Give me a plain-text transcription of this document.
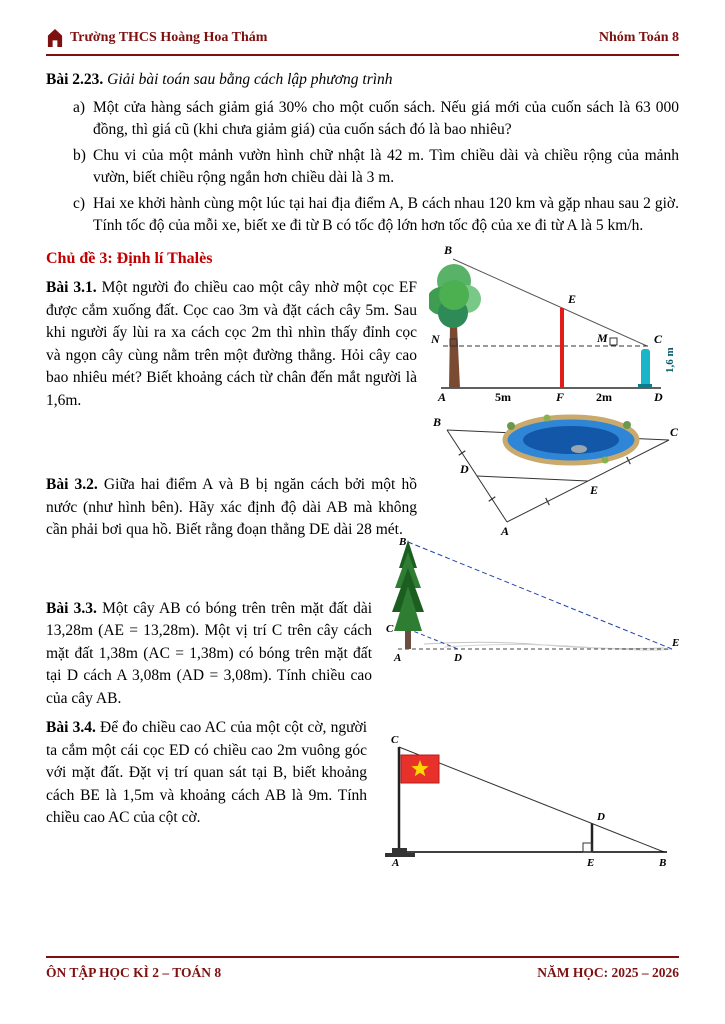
Trường THCS Hoàng Hoa Thám	Nhóm Toán 8

Bài 2.23. Giải bài toán sau bằng cách lập phương trình

a) Một cửa hàng sách giảm giá 30% cho một cuốn sách. Nếu giá mới của cuốn sách là 63 000 đồng, thì giá cũ (khi chưa giảm giá) của cuốn sách đó là bao nhiêu?
b) Chu vi của một mảnh vườn hình chữ nhật là 42 m. Tìm chiều dài và chiều rộng của mảnh vườn, biết chiều rộng ngắn hơn chiều dài là 3 m.
c) Hai xe khởi hành cùng một lúc tại hai địa điểm A, B cách nhau 120 km và gặp nhau sau 2 giờ. Tính tốc độ của mỗi xe, biết xe đi từ B có tốc độ lớn hơn tốc độ của xe đi từ A là 5 km/h.
Chủ đề 3: Định lí Thalès	B
E
N	M	C
A	F	D
5m	2m
1,6 m

Bài 3.1. Một người đo chiều cao một cây nhờ một cọc EF được cắm xuống đất. Cọc cao 3m và đặt cách cây 5m. Sau khi người ấy lùi ra xa cách cọc 2m thì nhìn thấy đỉnh cọc và ngọn cây cùng nằm trên một đường thẳng. Hỏi cây cao bao nhiêu mét? Biết khoảng cách từ chân đến mắt người là 1,6m.

B
C
D
E
A

Bài 3.2. Giữa hai điểm A và B bị ngăn cách bởi một hồ nước (như hình bên). Hãy xác định độ dài AB mà không cần phải bơi qua hồ. Biết rằng đoạn thẳng DE dài 28 mét.

B
C
A	D
E

Bài 3.3. Một cây AB có bóng trên trên mặt đất dài 13,28m (AE = 13,28m). Một vị trí C trên cây cách mặt đất 1,38m (AC = 1,38m) có bóng trên mặt đất tại D cách A 3,08m (AD = 3,08m). Tính chiều cao của cây AB.

C
D
A	E	B

Bài 3.4. Để đo chiều cao AC của một cột cờ, người ta cắm một cái cọc ED có chiều cao 2m vuông góc với mặt đất. Đặt vị trí quan sát tại B, biết khoảng cách BE là 1,5m và khoảng cách AB là 9m. Tính chiều cao AC của cột cờ.

ÔN TẬP HỌC KÌ 2 – TOÁN 8	NĂM HỌC: 2025 – 2026
